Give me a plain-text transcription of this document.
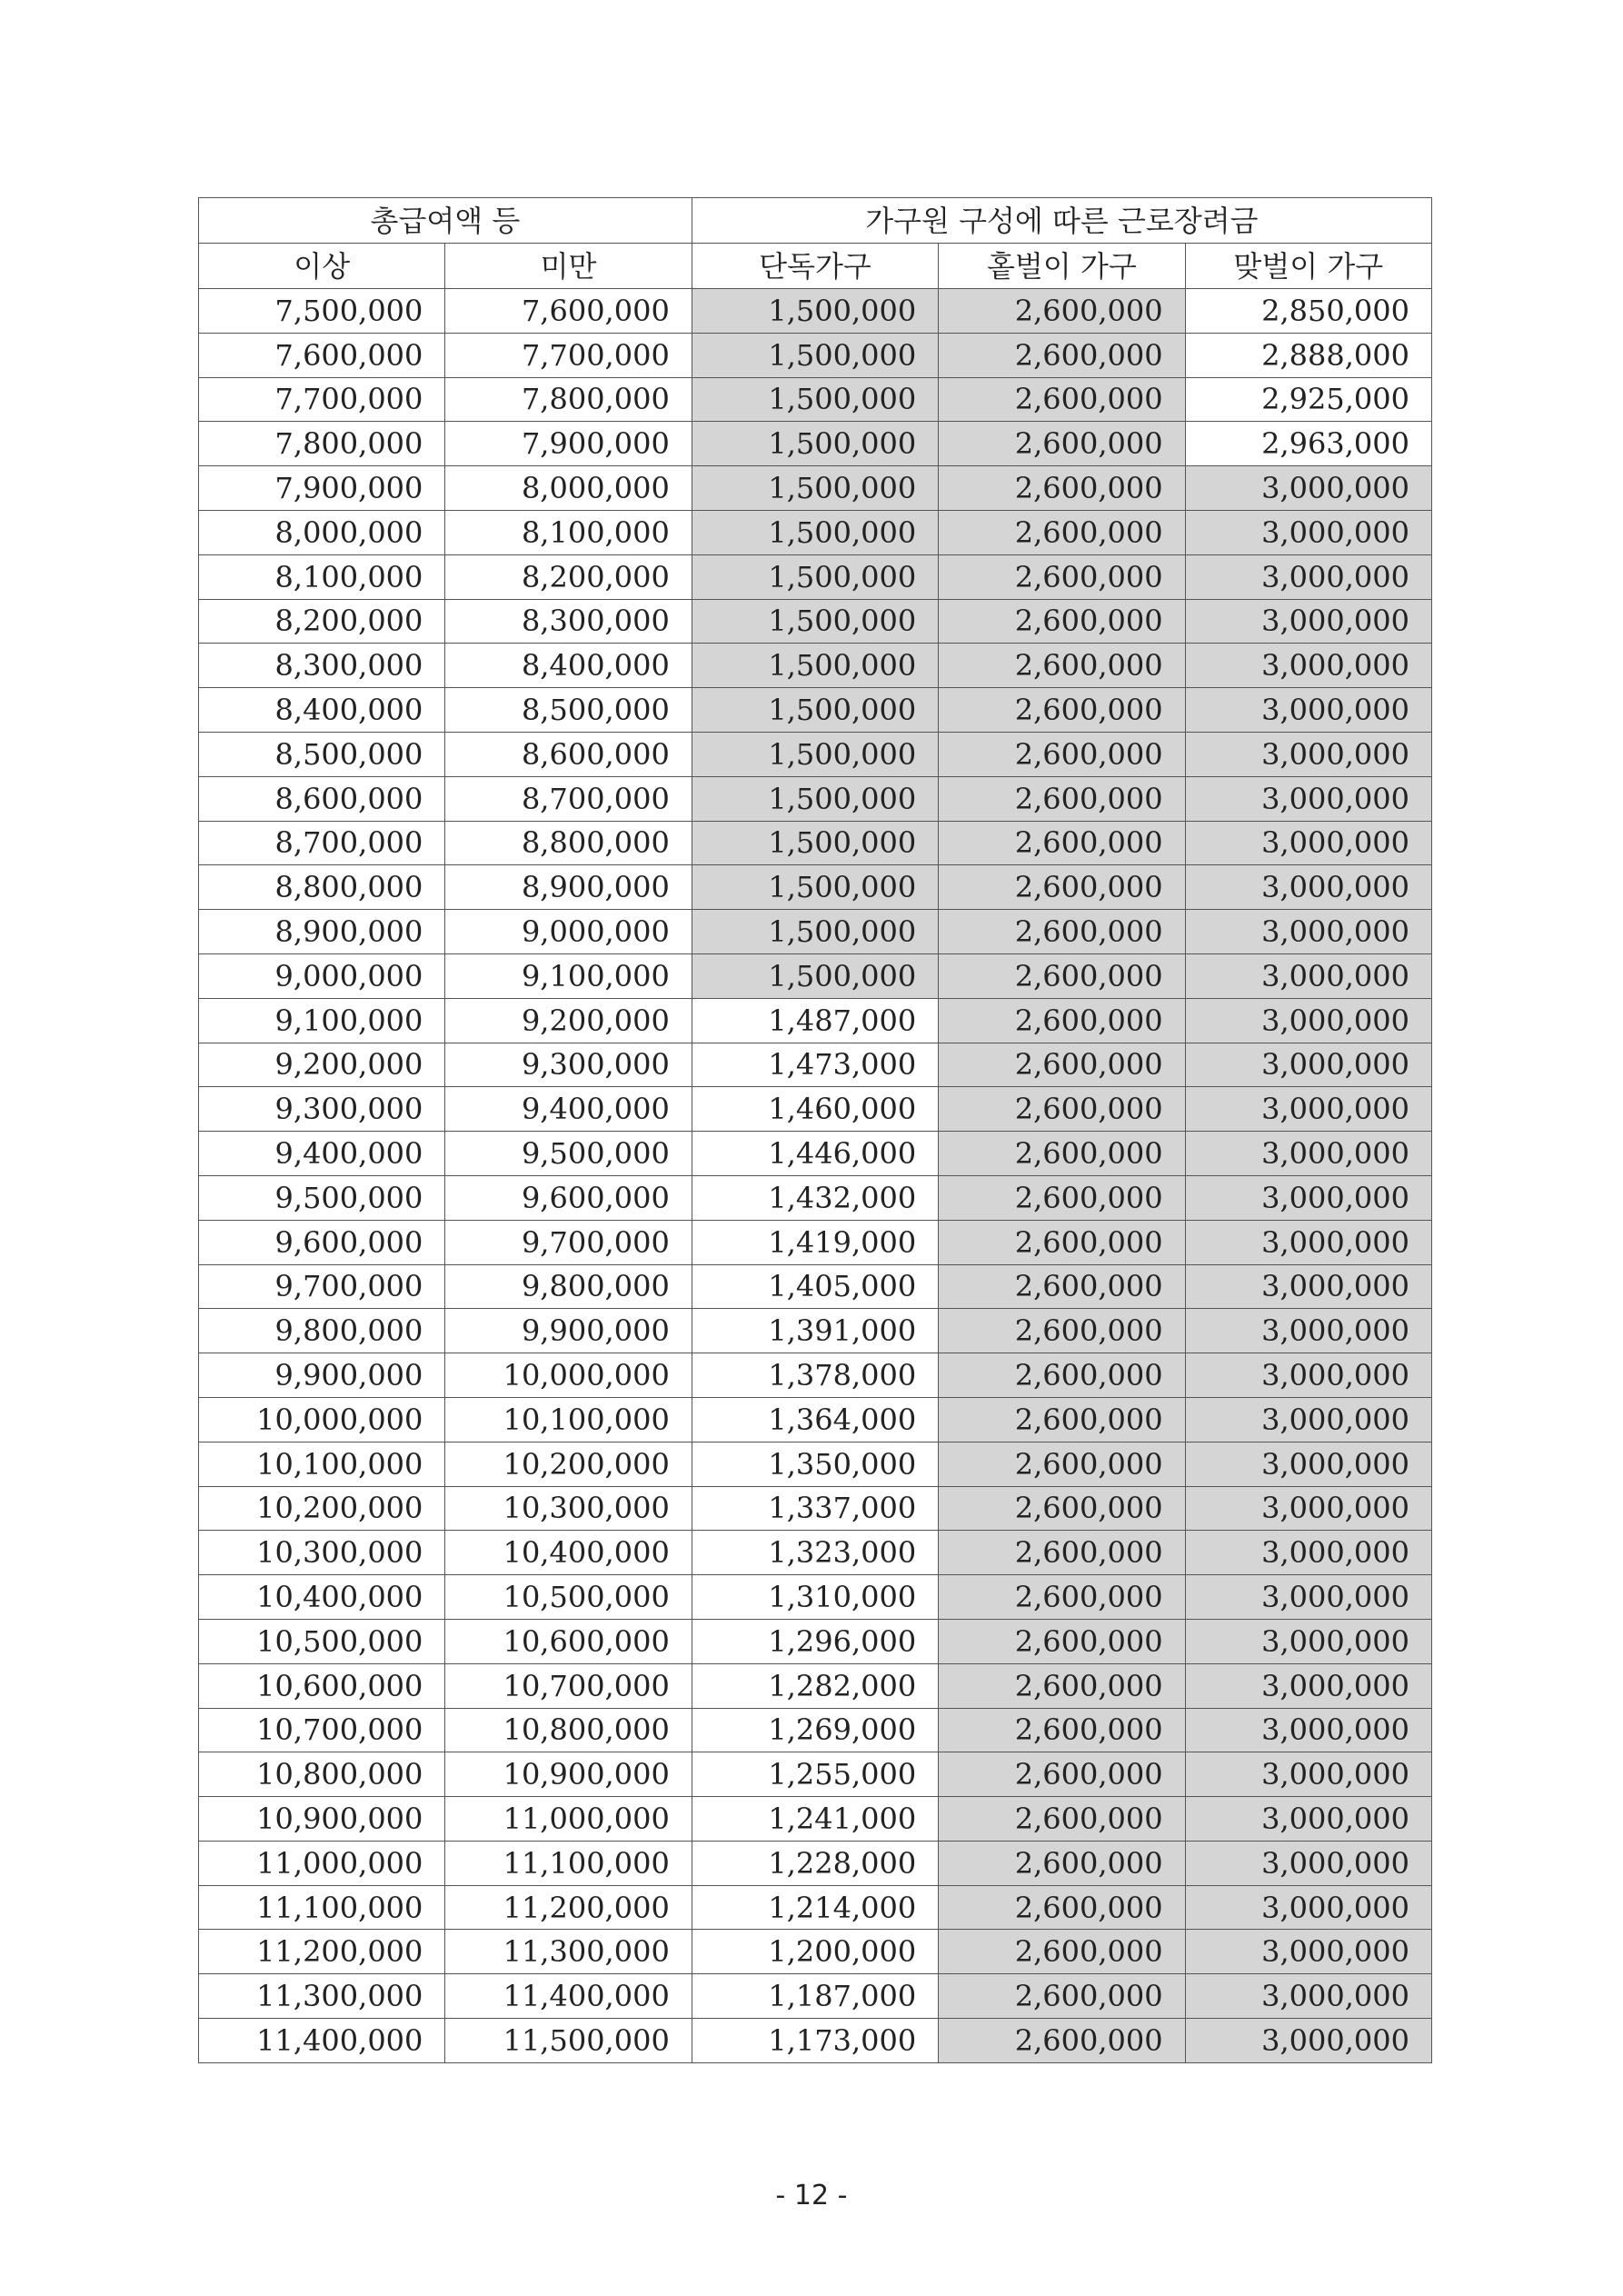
총급여액 등		가구원 구성에 따른 근로장려금		
이상	미만	단독가구	홑벌이 가구	맞벌이 가구
7,500,000	7,600,000	1,500,000	2,600,000	2,850,000
7,600,000	7,700,000	1,500,000	2,600,000	2,888,000
7,700,000	7,800,000	1,500,000	2,600,000	2,925,000
7,800,000	7,900,000	1,500,000	2,600,000	2,963,000
7,900,000	8,000,000	1,500,000	2,600,000	3,000,000
8,000,000	8,100,000	1,500,000	2,600,000	3,000,000
8,100,000	8,200,000	1,500,000	2,600,000	3,000,000
8,200,000	8,300,000	1,500,000	2,600,000	3,000,000
8,300,000	8,400,000	1,500,000	2,600,000	3,000,000
8,400,000	8,500,000	1,500,000	2,600,000	3,000,000
8,500,000	8,600,000	1,500,000	2,600,000	3,000,000
8,600,000	8,700,000	1,500,000	2,600,000	3,000,000
8,700,000	8,800,000	1,500,000	2,600,000	3,000,000
8,800,000	8,900,000	1,500,000	2,600,000	3,000,000
8,900,000	9,000,000	1,500,000	2,600,000	3,000,000
9,000,000	9,100,000	1,500,000	2,600,000	3,000,000
9,100,000	9,200,000	1,487,000	2,600,000	3,000,000
9,200,000	9,300,000	1,473,000	2,600,000	3,000,000
9,300,000	9,400,000	1,460,000	2,600,000	3,000,000
9,400,000	9,500,000	1,446,000	2,600,000	3,000,000
9,500,000	9,600,000	1,432,000	2,600,000	3,000,000
9,600,000	9,700,000	1,419,000	2,600,000	3,000,000
9,700,000	9,800,000	1,405,000	2,600,000	3,000,000
9,800,000	9,900,000	1,391,000	2,600,000	3,000,000
9,900,000	10,000,000	1,378,000	2,600,000	3,000,000
10,000,000	10,100,000	1,364,000	2,600,000	3,000,000
10,100,000	10,200,000	1,350,000	2,600,000	3,000,000
10,200,000	10,300,000	1,337,000	2,600,000	3,000,000
10,300,000	10,400,000	1,323,000	2,600,000	3,000,000
10,400,000	10,500,000	1,310,000	2,600,000	3,000,000
10,500,000	10,600,000	1,296,000	2,600,000	3,000,000
10,600,000	10,700,000	1,282,000	2,600,000	3,000,000
10,700,000	10,800,000	1,269,000	2,600,000	3,000,000
10,800,000	10,900,000	1,255,000	2,600,000	3,000,000
10,900,000	11,000,000	1,241,000	2,600,000	3,000,000
11,000,000	11,100,000	1,228,000	2,600,000	3,000,000
11,100,000	11,200,000	1,214,000	2,600,000	3,000,000
11,200,000	11,300,000	1,200,000	2,600,000	3,000,000
11,300,000	11,400,000	1,187,000	2,600,000	3,000,000
11,400,000	11,500,000	1,173,000	2,600,000	3,000,000
- 12 -
